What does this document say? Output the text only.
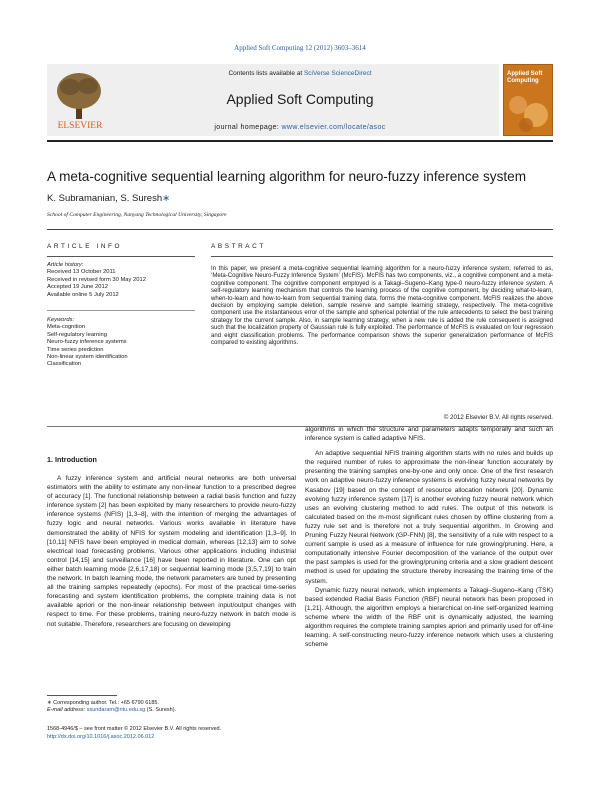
Applied Soft Computing 12 (2012) 3603–3614
ELSEVIER
Contents lists available at SciVerse ScienceDirect
Applied Soft Computing
journal homepage: www.elsevier.com/locate/asoc
Applied Soft Computing
A meta-cognitive sequential learning algorithm for neuro-fuzzy inference system
K. Subramanian, S. Suresh∗
School of Computer Engineering, Nanyang Technological University, Singapore
ARTICLE INFO	ABSTRACT
Article history:
Received 13 October 2011
Received in revised form 30 May 2012
Accepted 19 June 2012
Available online 5 July 2012
Keywords:
Meta-cognition
Self-regulatory learning
Neuro-fuzzy inference systems
Time series prediction
Non-linear system identification
Classification
In this paper, we present a meta-cognitive sequential learning algorithm for a neuro-fuzzy inference system, referred to as, ‘Meta-Cognitive Neuro-Fuzzy Inference System’ (McFIS). McFIS has two components, viz., a cognitive component and a meta-cognitive component. The cognitive component employed is a Takagi–Sugeno–Kang type-0 neuro-fuzzy inference system. A self-regulatory learning mechanism that controls the learning process of the cognitive component, by deciding what-to-learn, when-to-learn and how-to-learn from sequential training data, forms the meta-cognitive component. McFIS realizes the above decision by employing sample deletion, sample reserve and sample learning strategy, respectively. The meta-cognitive component use the instantaneous error of the sample and spherical potential of the rule antecedents to select the best training strategy for the current sample. Also, in sample learning strategy, when a new rule is added the rule consequent is assigned such that the localization property of Gaussian rule is fully exploited. The performance of McFIS is evaluated on four regression and eight classification problems. The performance comparison shows the superior generalization performance of McFIS compared to existing algorithms.
© 2012 Elsevier B.V. All rights reserved.
1. Introduction

A fuzzy inference system and artificial neural networks are both universal estimators with the ability to estimate any non-linear function to a prescribed degree of accuracy [1]. The functional relationship between a radial basis function and fuzzy inference system [2] has been exploited by many researchers to provide neuro-fuzzy inference systems (NFIS) [1,3–8], with the intention of merging the advantages of fuzzy logic and neural networks. Various works available in literature have demonstrated the ability of NFIS for system modeling and identification [1,3–9]. In [10,11] NFIS have been employed in medical domain, whereas [12,13] aim to solve electrical load forecasting problems. Various other applications including industrial control [14,15] and surveillance [16] have been reported in literature. One can opt either batch learning mode [2,6,17,18] or sequential learning mode [3,5,7,19] to train the network. In batch learning mode, the network parameters are tuned by presenting all the training samples repeatedly (epochs). For most of the practical time-series forecasting and system identification problems, the complete training data is not available apriori or the non-linear relationship between input/output changes with respect to time. For these problems, training neuro-fuzzy network in batch mode is not suitable. Therefore, researchers are focusing on developing

algorithms in which the structure and parameters adapts temporally and such an inference system is called adaptive NFIS.

An adaptive sequential NFIS training algorithm starts with no rules and builds up the required number of rules to approximate the non-linear function accurately by presenting the training samples one-by-one and only once. One of the first research work on adaptive neuro-fuzzy inference systems is evolving fuzzy neural networks by Kasabov [19] based on the concept of resource allocation network [20]. Dynamic evolving fuzzy inference system [17] is another evolving fuzzy neural network which uses an evolving clustering method to add rules. The output of this network is calculated based on the m-most significant rules chosen by offline clustering from a fuzzy rule set and is therefore not a truly sequential algorithm. In Growing and Pruning Fuzzy Neural Network (GP-FNN) [8], the sensitivity of a rule with respect to a current sample is used as a measure of influence for rule growing/pruning. Here, a computationally intensive Fourier decomposition of the variance of the output over the past samples is used for the growing/pruning criteria and a slow gradient descent method is used for updating the structure thereby increasing the training time of the system.

Dynamic fuzzy neural network, which implements a Takagi–Sugeno–Kang (TSK) based extended Radial Basis Function (RBF) neural network has been proposed in [1,21]. Although, the algorithm employs a hierarchical on-line self-organized learning scheme where the width of the RBF unit is dynamically adjusted, the learning algorithm requires the complete training samples apriori and primarily used for off-line learning. A self-constructing neuro-fuzzy inference network which uses a clustering scheme

∗ Corresponding author. Tel.: +65 6790 6185.
E-mail address: ssundaram@ntu.edu.sg (S. Suresh).
1568-4946/$ – see front matter © 2012 Elsevier B.V. All rights reserved.
http://dx.doi.org/10.1016/j.asoc.2012.06.012
